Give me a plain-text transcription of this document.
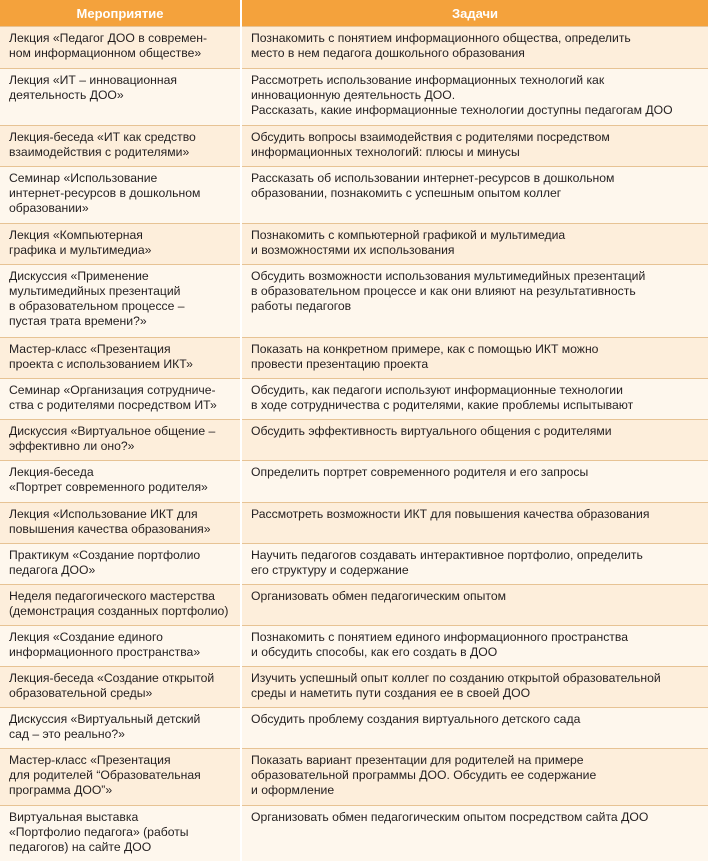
Мероприятие	Задачи
Лекция «Педагог ДОО в современ-
ном информационном обществе»	Познакомить с понятием информационного общества, определить
место в нем педагога дошкольного образования
Лекция «ИТ – инновационная
деятельность ДОО»	Рассмотреть использование информационных технологий как
инновационную деятельность ДОО.
Рассказать, какие информационные технологии доступны педагогам ДОО
Лекция-беседа «ИТ как средство
взаимодействия с родителями»	Обсудить вопросы взаимодействия с родителями посредством
информационных технологий: плюсы и минусы
Семинар «Использование
интернет-ресурсов в дошкольном
образовании»	Рассказать об использовании интернет-ресурсов в дошкольном
образовании, познакомить с успешным опытом коллег
Лекция «Компьютерная
графика и мультимедиа»	Познакомить с компьютерной графикой и мультимедиа
и возможностями их использования
Дискуссия «Применение
мультимедийных презентаций
в образовательном процессе –
пустая трата времени?»	Обсудить возможности использования мультимедийных презентаций
в образовательном процессе и как они влияют на результативность
работы педагогов
Мастер-класс «Презентация
проекта с использованием ИКТ»	Показать на конкретном примере, как с помощью ИКТ можно
провести презентацию проекта
Семинар «Организация сотрудниче-
ства с родителями посредством ИТ»	Обсудить, как педагоги используют информационные технологии
в ходе сотрудничества с родителями, какие проблемы испытывают
Дискуссия «Виртуальное общение –
эффективно ли оно?»	Обсудить эффективность виртуального общения с родителями
Лекция-беседа
«Портрет современного родителя»	Определить портрет современного родителя и его запросы
Лекция «Использование ИКТ для
повышения качества образования»	Рассмотреть возможности ИКТ для повышения качества образования
Практикум «Создание портфолио
педагога ДОО»	Научить педагогов создавать интерактивное портфолио, определить
его структуру и содержание
Неделя педагогического мастерства
(демонстрация созданных портфолио)	Организовать обмен педагогическим опытом
Лекция «Создание единого
информационного пространства»	Познакомить с понятием единого информационного пространства
и обсудить способы, как его создать в ДОО
Лекция-беседа «Создание открытой
образовательной среды»	Изучить успешный опыт коллег по созданию открытой образовательной
среды и наметить пути создания ее в своей ДОО
Дискуссия «Виртуальный детский
сад – это реально?»	Обсудить проблему создания виртуального детского сада
Мастер-класс «Презентация
для родителей “Образовательная
программа ДОО”»	Показать вариант презентации для родителей на примере
образовательной программы ДОО. Обсудить ее содержание
и оформление
Виртуальная выставка
«Портфолио педагога» (работы
педагогов) на сайте ДОО	Организовать обмен педагогическим опытом посредством сайта ДОО
